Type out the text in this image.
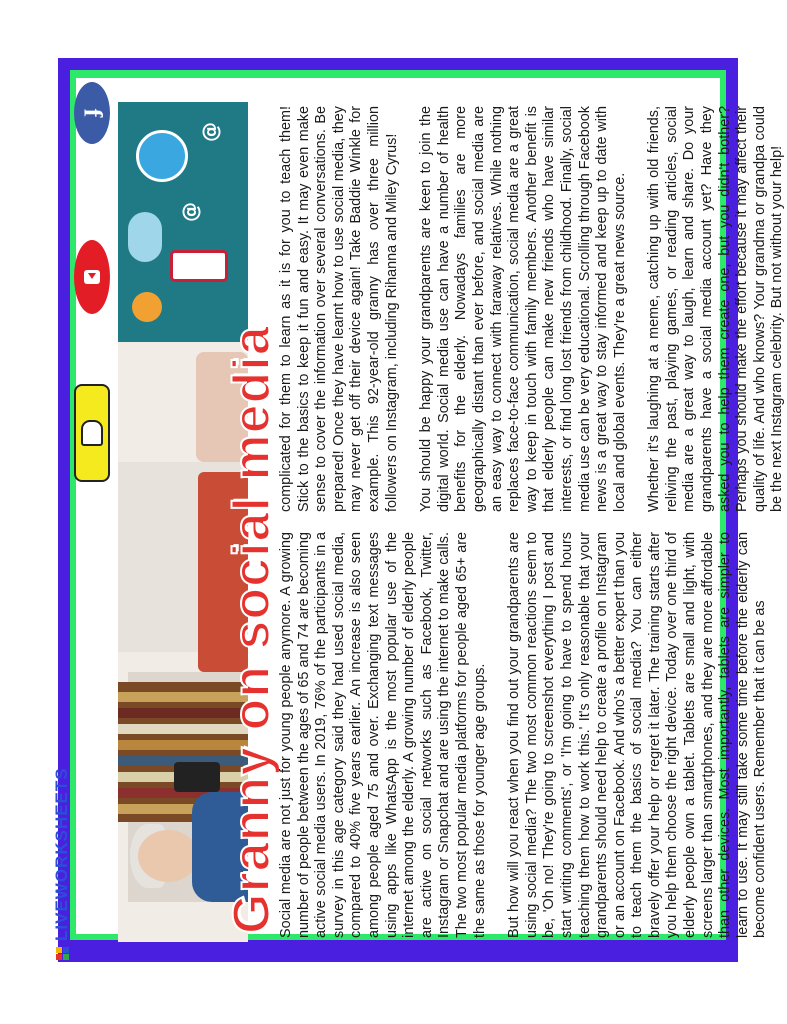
f
@
@
Granny on social media

Social media are not just for young people anymore. A growing number of people between the ages of 65 and 74 are becoming active social media users. In 2019, 76% of the participants in a survey in this age category said they had used social media, compared to 40% five years earlier. An increase is also seen among people aged 75 and over. Exchanging text messages using apps like WhatsApp is the most popular use of the internet among the elderly. A growing number of elderly people are active on social networks such as Facebook, Twitter, Instagram or Snapchat and are using the internet to make calls. The two most popular media platforms for people aged 65+ are the same as those for younger age groups. But how will you react when you find out your grandparents are using social media? The two most common reactions seem to be, 'Oh no! They're going to screenshot everything I post and start writing comments', or 'I'm going to have to spend hours teaching them how to work this.' It's only reasonable that your grandparents should need help to create a profile on Instagram or an account on Facebook. And who's a better expert than you to teach them the basics of social media? You can either bravely offer your help or regret it later. The training starts after you help them choose the right device. Today over one third of elderly people own a tablet. Tablets are small and light, with screens larger than smartphones, and they are more affordable than other devices. Most importantly, tablets are simpler to learn to use. It may still take some time before the elderly can become confident users. Remember that it can be as

complicated for them to learn as it is for you to teach them! Stick to the basics to keep it fun and easy. It may even make sense to cover the information over several conversations. Be prepared! Once they have learnt how to use social media, they may never get off their device again! Take Baddie Winkle for example. This 92-year-old granny has over three million followers on Instagram, including Rihanna and Miley Cyrus! You should be happy your grandparents are keen to join the digital world. Social media use can have a number of health benefits for the elderly. Nowadays families are more geographically distant than ever before, and social media are an easy way to connect with faraway relatives. While nothing replaces face-to-face communication, social media are a great way to keep in touch with family members. Another benefit is that elderly people can make new friends who have similar interests, or find long lost friends from childhood. Finally, social media use can be very educational. Scrolling through Facebook news is a great way to stay informed and keep up to date with local and global events. They're a great news source. Whether it's laughing at a meme, catching up with old friends, reliving the past, playing games, or reading articles, social media are a great way to laugh, learn and share. Do your grandparents have a social media account yet? Have they asked you to help them create one, but you didn't bother? Perhaps you should make the effort because it may affect their quality of life. And who knows? Your grandma or grandpa could be the next Instagram celebrity. But not without your help!

LIVEWORKSHEETS
